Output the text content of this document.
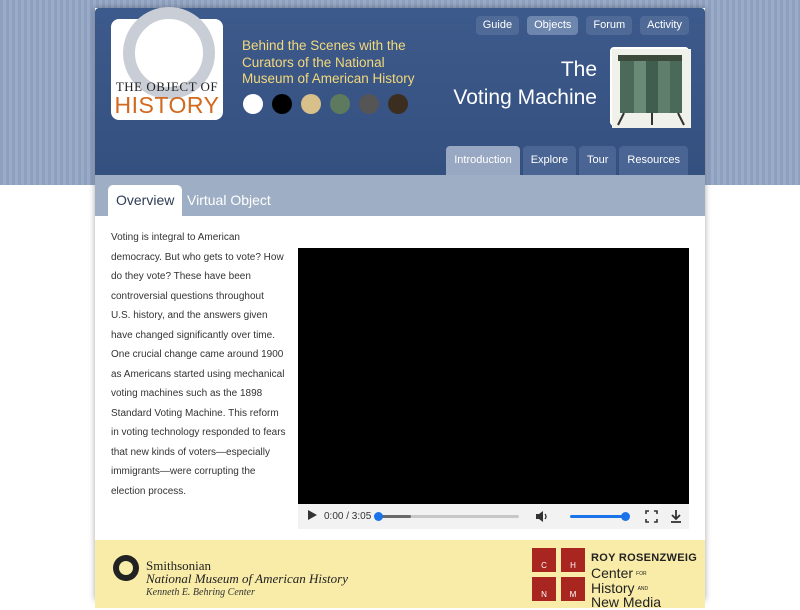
THE OBJECT OF
HISTORY
Behind the Scenes with the Curators of the National Museum of American History
Guide	Objects	Forum	Activity
The
Voting Machine
Introduction	Explore	Tour	Resources
Overview Virtual Object
Voting is integral to American democracy. But who gets to vote? How do they vote? These have been controversial questions throughout U.S. history, and the answers given have changed significantly over time. One crucial change came around 1900 as Americans started using mechanical voting machines such as the 1898 Standard Voting Machine. This reform in voting technology responded to fears that new kinds of voters—especially immigrants—were corrupting the election process.
0:00 / 3:05
Smithsonian
National Museum of American History
Kenneth E. Behring Center
C	H
N	M
ROY ROSENZWEIG
Center FOR
History AND
New Media
